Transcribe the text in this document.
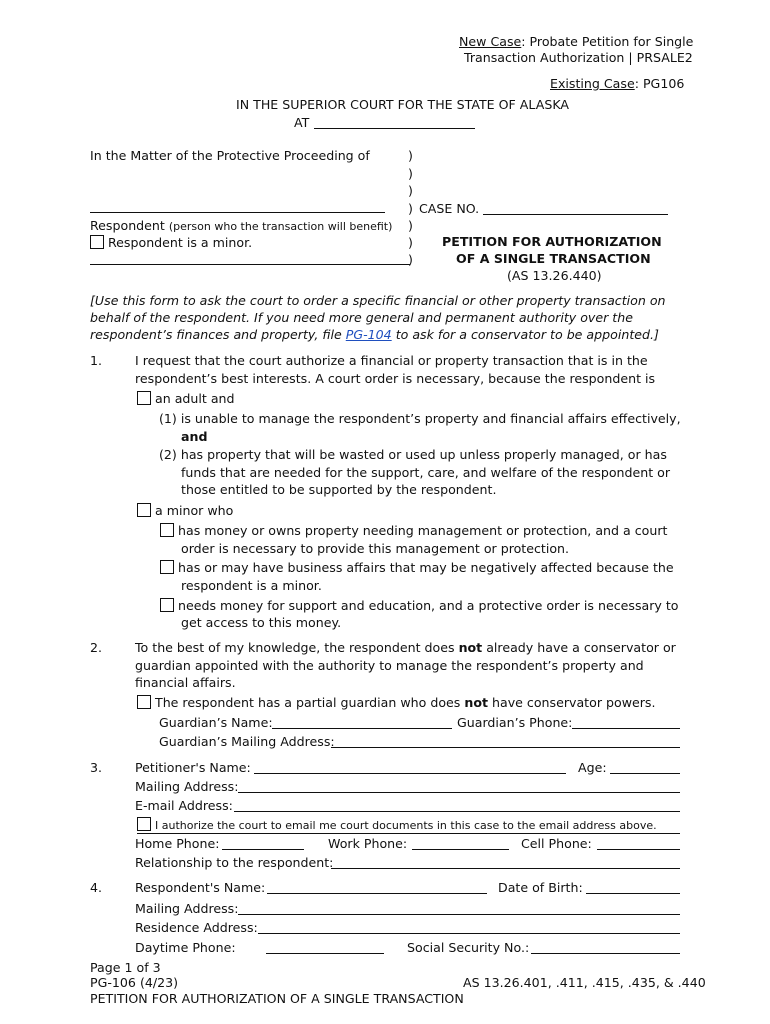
New Case: Probate Petition for Single
Transaction Authorization | PRSALE2
Existing Case: PG106
IN THE SUPERIOR COURT FOR THE STATE OF ALASKA
AT
In the Matter of the Protective Proceeding of
Respondent (person who the transaction will benefit)
Respondent is a minor.
)
)
)
)
)
)
)
CASE NO.
PETITION FOR AUTHORIZATION
OF A SINGLE TRANSACTION
(AS 13.26.440)
[Use this form to ask the court to order a specific financial or other property transaction on
behalf of the respondent. If you need more general and permanent authority over the
respondent’s finances and property, file PG-104 to ask for a conservator to be appointed.]
1.	I request that the court authorize a financial or property transaction that is in the
respondent’s best interests. A court order is necessary, because the respondent is
an adult and
(1) is unable to manage the respondent’s property and financial affairs effectively,
and
(2) has property that will be wasted or used up unless properly managed, or has
funds that are needed for the support, care, and welfare of the respondent or
those entitled to be supported by the respondent.
a minor who
has money or owns property needing management or protection, and a court
order is necessary to provide this management or protection.
has or may have business affairs that may be negatively affected because the
respondent is a minor.
needs money for support and education, and a protective order is necessary to
get access to this money.
2.	To the best of my knowledge, the respondent does not already have a conservator or
guardian appointed with the authority to manage the respondent’s property and
financial affairs.
The respondent has a partial guardian who does not have conservator powers.
Guardian’s Name:	Guardian’s Phone:
Guardian’s Mailing Address:
3.	Petitioner's Name:	Age:
Mailing Address:
E-mail Address:
I authorize the court to email me court documents in this case to the email address above.
Home Phone:	Work Phone:	Cell Phone:
Relationship to the respondent:
4.	Respondent's Name:	Date of Birth:
Mailing Address:
Residence Address:
Daytime Phone:	Social Security No.:
Page 1 of 3
PG-106 (4/23)
PETITION FOR AUTHORIZATION OF A SINGLE TRANSACTION
AS 13.26.401, .411, .415, .435, & .440
